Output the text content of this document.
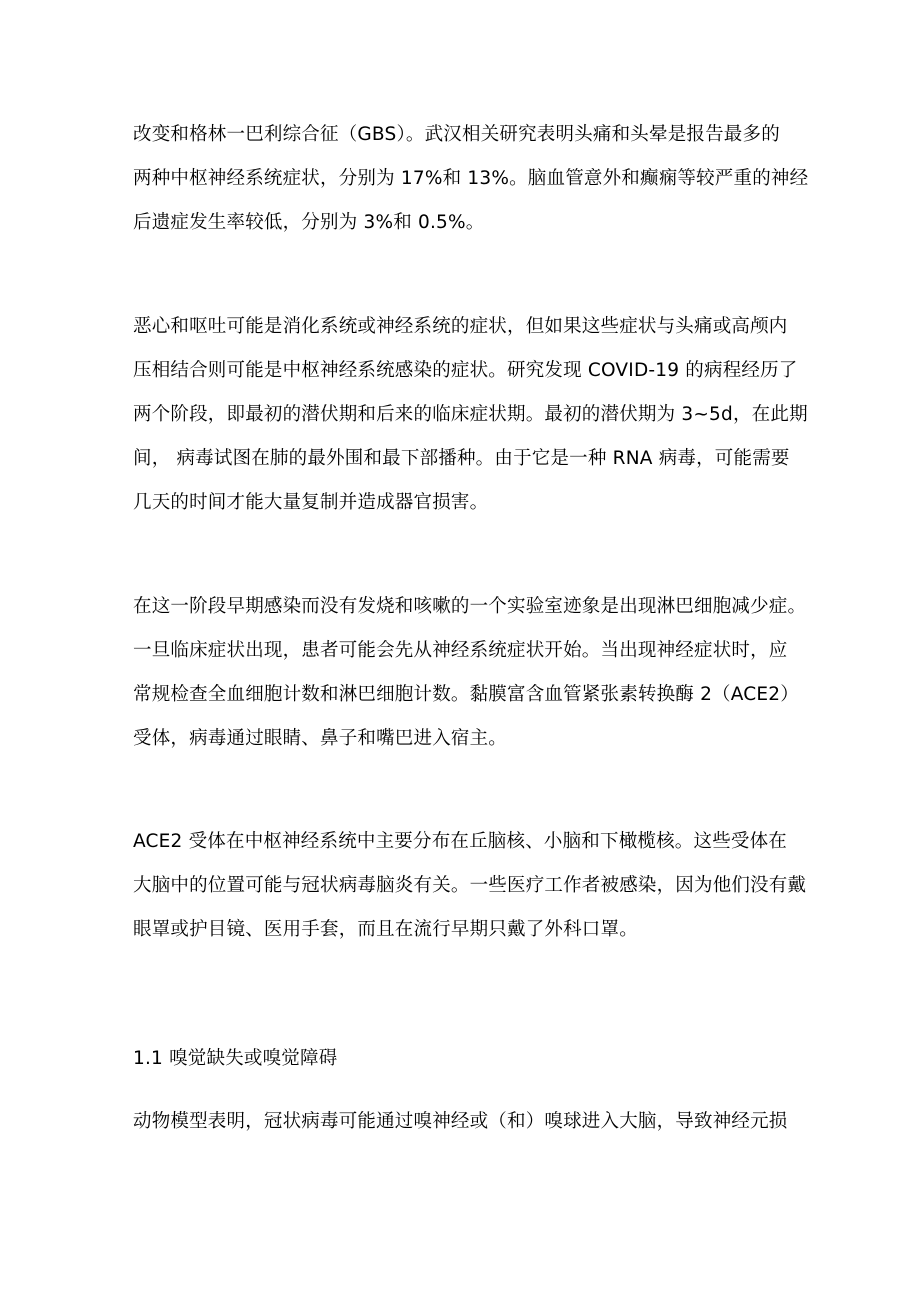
改变和格林一巴利综合征（GBS）。武汉相关研究表明头痛和头晕是报告最多的
两种中枢神经系统症状，分别为 17%和 13%。脑血管意外和癫痫等较严重的神经
后遗症发生率较低，分别为 3%和 0.5%。
恶心和呕吐可能是消化系统或神经系统的症状，但如果这些症状与头痛或高颅内
压相结合则可能是中枢神经系统感染的症状。研究发现 COVID-19 的病程经历了
两个阶段，即最初的潜伏期和后来的临床症状期。最初的潜伏期为 3~5d，在此期
间， 病毒试图在肺的最外围和最下部播种。由于它是一种 RNA 病毒，可能需要
几天的时间才能大量复制并造成器官损害。
在这一阶段早期感染而没有发烧和咳嗽的一个实验室迹象是出现淋巴细胞减少症。
一旦临床症状出现，患者可能会先从神经系统症状开始。当出现神经症状时，应
常规检查全血细胞计数和淋巴细胞计数。黏膜富含血管紧张素转换酶 2（ACE2）
受体，病毒通过眼睛、鼻子和嘴巴进入宿主。
ACE2 受体在中枢神经系统中主要分布在丘脑核、小脑和下橄榄核。这些受体在
大脑中的位置可能与冠状病毒脑炎有关。一些医疗工作者被感染，因为他们没有戴
眼罩或护目镜、医用手套，而且在流行早期只戴了外科口罩。
1.1 嗅觉缺失或嗅觉障碍
动物模型表明，冠状病毒可能通过嗅神经或（和）嗅球进入大脑，导致神经元损
